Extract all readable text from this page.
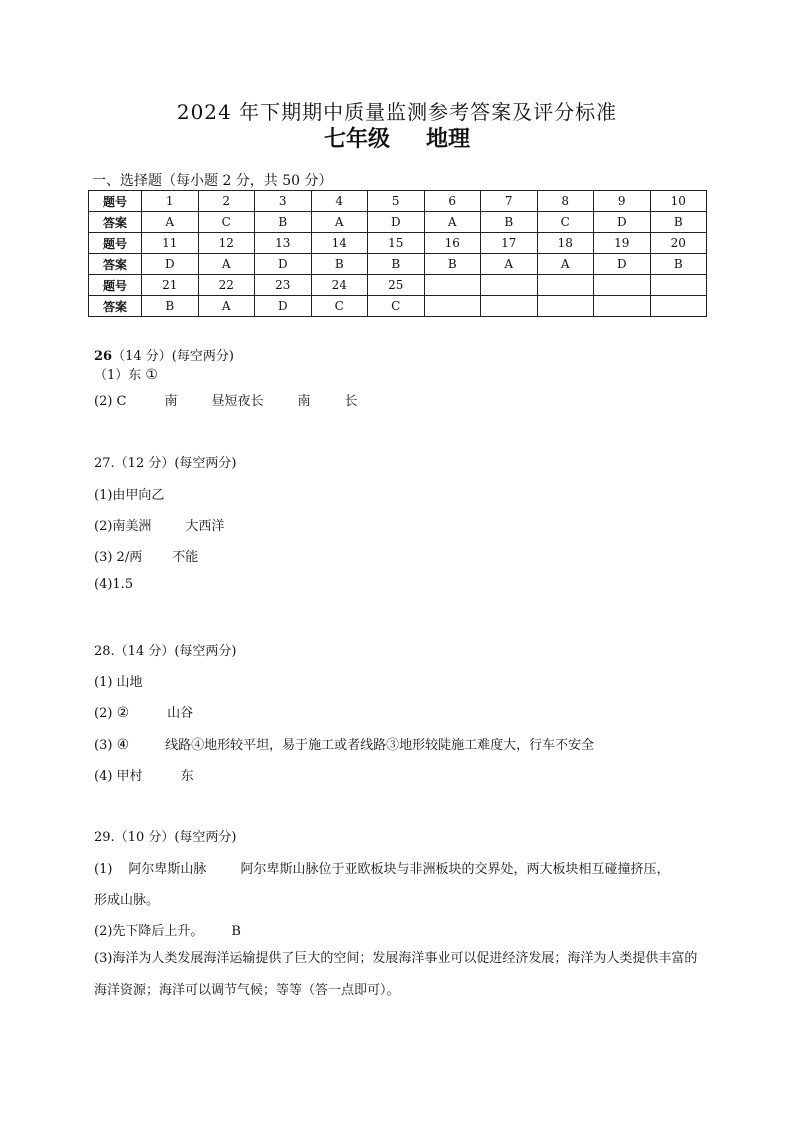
2024 年下期期中质量监测参考答案及评分标准
七年级 地理
一、选择题（每小题 2 分，共 50 分）
题号	1	2	3	4	5	6	7	8	9	10
答案	A	C	B	A	D	A	B	C	D	B
题号	11	12	13	14	15	16	17	18	19	20
答案	D	A	D	B	B	B	A	A	D	B
题号	21	22	23	24	25					
答案	B	A	D	C	C					
26（14 分）(每空两分)
（1）东 ①
(2) C	南	昼短夜长	南	长
27.（12 分）(每空两分)
(1)由甲向乙
(2)南美洲	大西洋
(3) 2/两 不能
(4)1.5
28.（14 分）(每空两分)
(1) 山地
(2) ②	山谷
(3) ④	线路④地形较平坦，易于施工或者线路③地形较陡施工难度大，行车不安全
(4) 甲村	东
29.（10 分）(每空两分)
(1) 阿尔卑斯山脉	阿尔卑斯山脉位于亚欧板块与非洲板块的交界处，两大板块相互碰撞挤压，
形成山脉。
(2)先下降后上升。 B
(3)海洋为人类发展海洋运输提供了巨大的空间；发展海洋事业可以促进经济发展；海洋为人类提供丰富的海洋资源；海洋可以调节气候；等等（答一点即可）。
